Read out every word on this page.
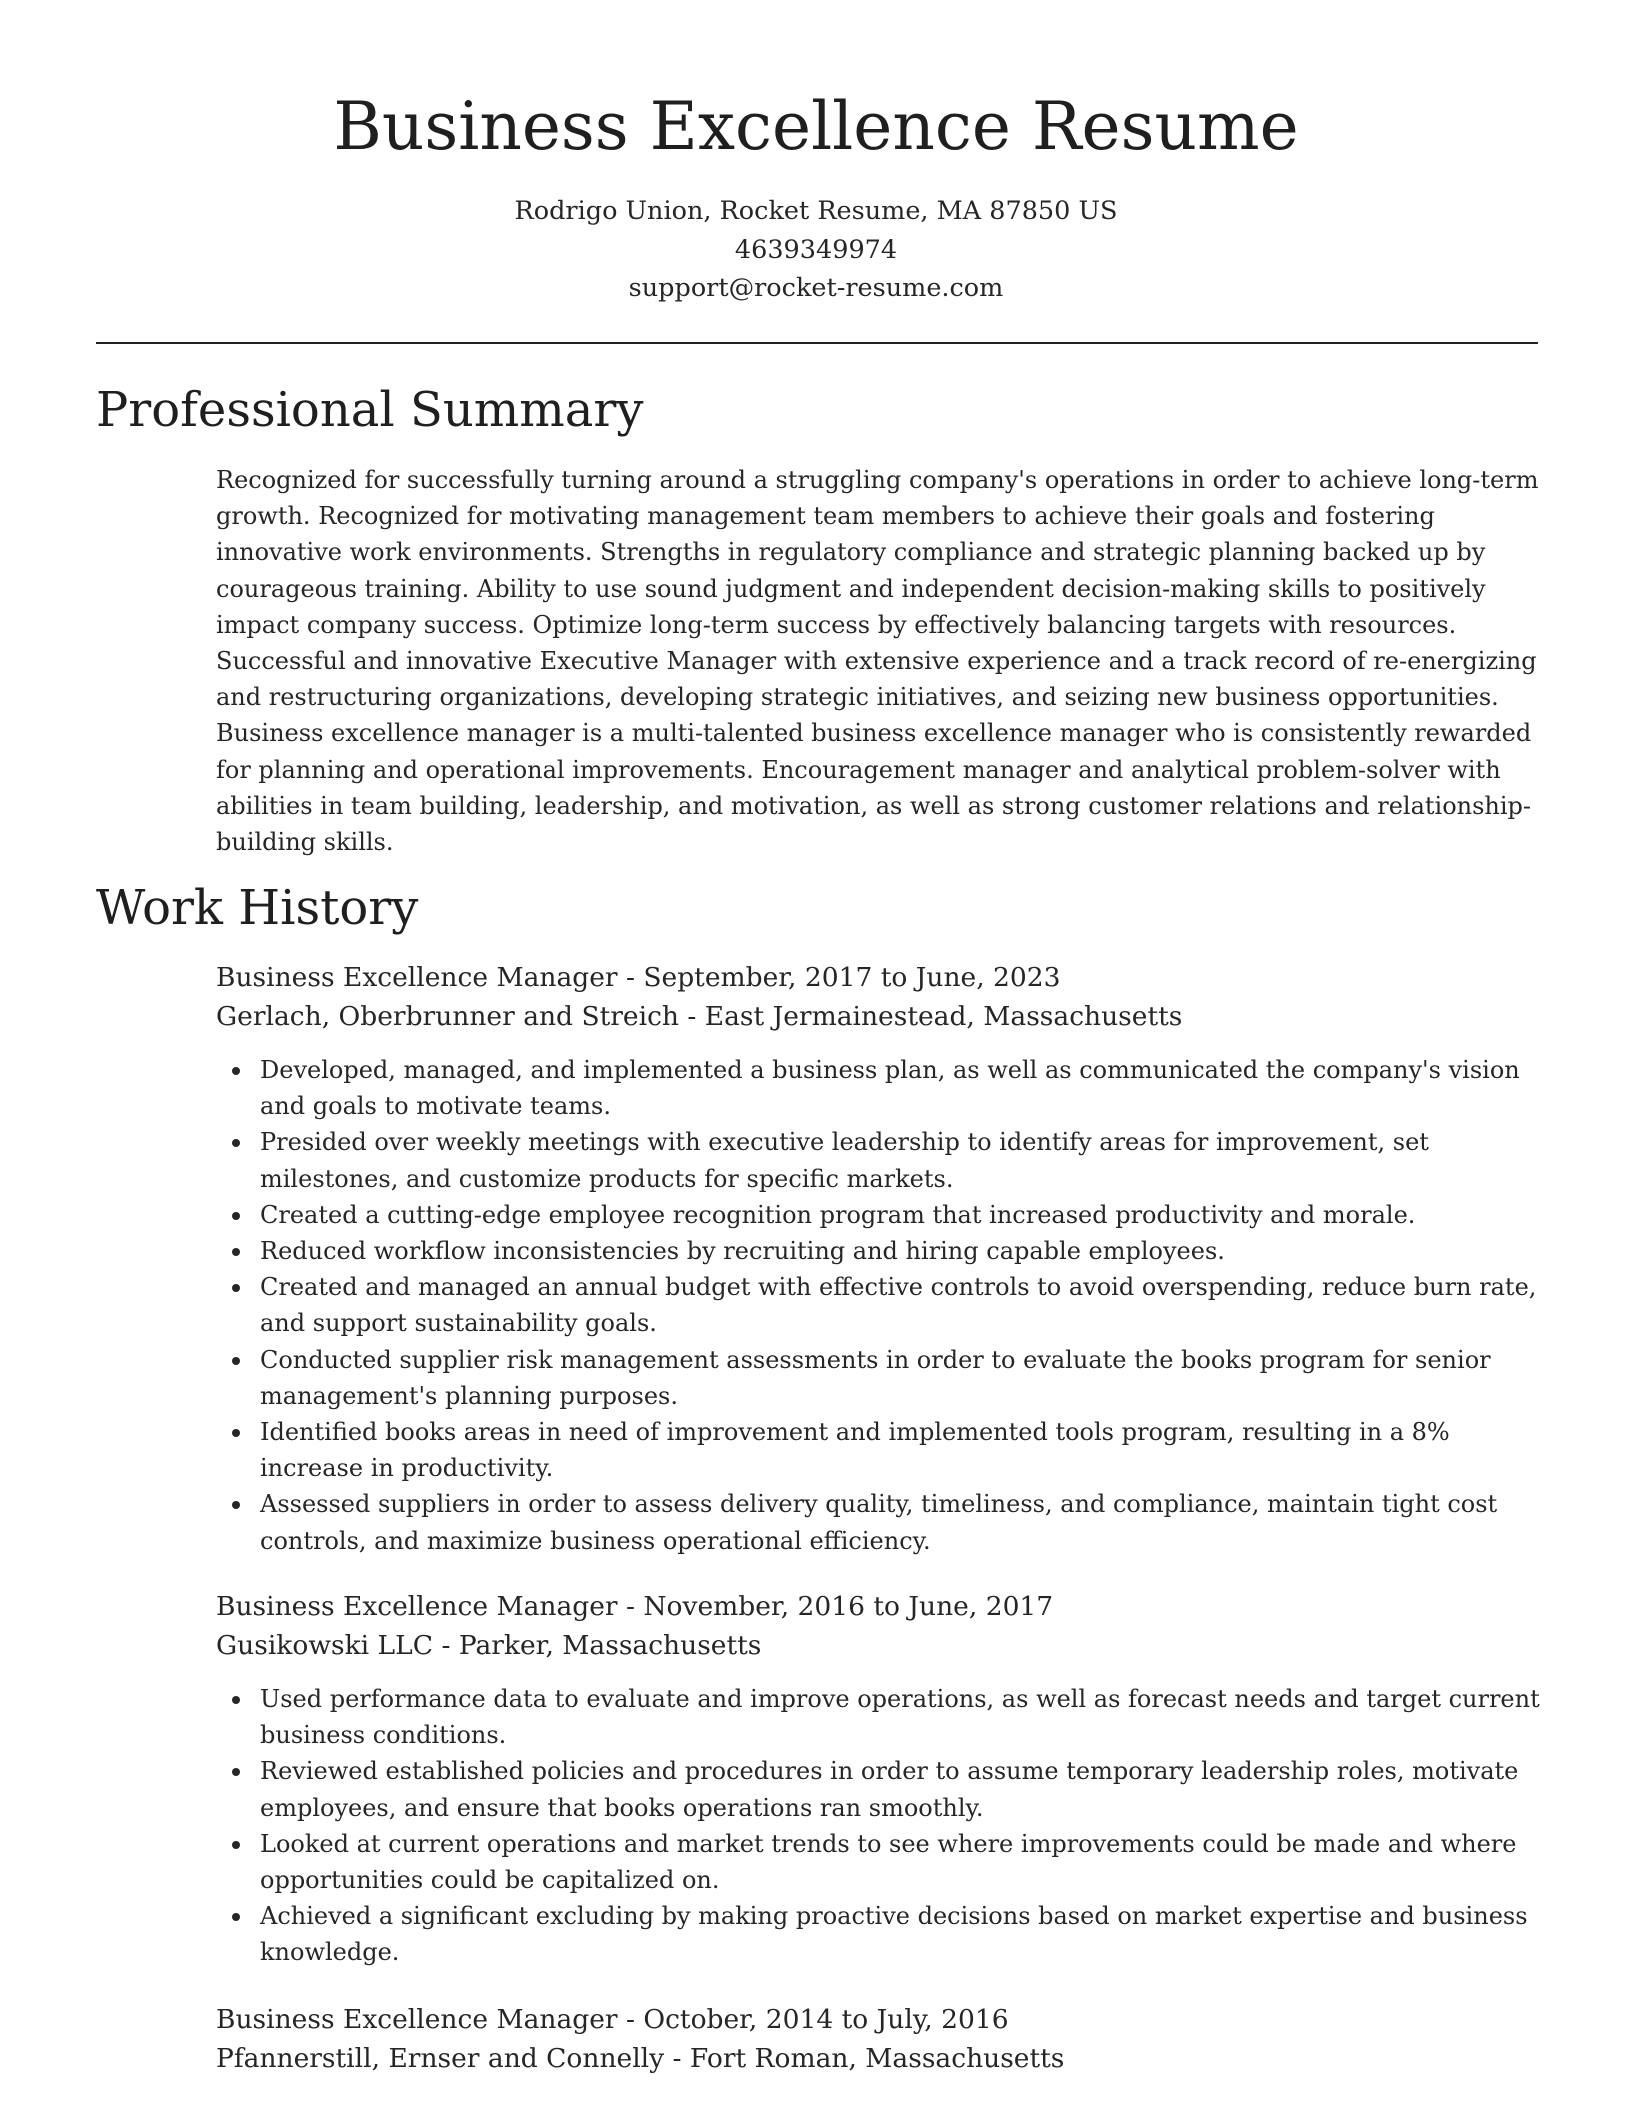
Business Excellence Resume
Rodrigo Union, Rocket Resume, MA 87850 US
4639349974
support@rocket-resume.com
Professional Summary

Recognized for successfully turning around a struggling company's operations in order to achieve long-term growth. Recognized for motivating management team members to achieve their goals and fostering innovative work environments. Strengths in regulatory compliance and strategic planning backed up by courageous training. Ability to use sound judgment and independent decision-making skills to positively impact company success. Optimize long-term success by effectively balancing targets with resources. Successful and innovative Executive Manager with extensive experience and a track record of re-energizing and restructuring organizations, developing strategic initiatives, and seizing new business opportunities. Business excellence manager is a multi-talented business excellence manager who is consistently rewarded for planning and operational improvements. Encouragement manager and analytical problem-solver with abilities in team building, leadership, and motivation, as well as strong customer relations and relationship-building skills.

Work History
Business Excellence Manager - September, 2017 to June, 2023
Gerlach, Oberbrunner and Streich - East Jermainestead, Massachusetts
Developed, managed, and implemented a business plan, as well as communicated the company's vision and goals to motivate teams.
Presided over weekly meetings with executive leadership to identify areas for improvement, set milestones, and customize products for specific markets.
Created a cutting-edge employee recognition program that increased productivity and morale.
Reduced workflow inconsistencies by recruiting and hiring capable employees.
Created and managed an annual budget with effective controls to avoid overspending, reduce burn rate, and support sustainability goals.
Conducted supplier risk management assessments in order to evaluate the books program for senior management's planning purposes.
Identified books areas in need of improvement and implemented tools program, resulting in a 8% increase in productivity.
Assessed suppliers in order to assess delivery quality, timeliness, and compliance, maintain tight cost controls, and maximize business operational efficiency.
Business Excellence Manager - November, 2016 to June, 2017
Gusikowski LLC - Parker, Massachusetts
Used performance data to evaluate and improve operations, as well as forecast needs and target current business conditions.
Reviewed established policies and procedures in order to assume temporary leadership roles, motivate employees, and ensure that books operations ran smoothly.
Looked at current operations and market trends to see where improvements could be made and where opportunities could be capitalized on.
Achieved a significant excluding by making proactive decisions based on market expertise and business knowledge.
Business Excellence Manager - October, 2014 to July, 2016
Pfannerstill, Ernser and Connelly - Fort Roman, Massachusetts
